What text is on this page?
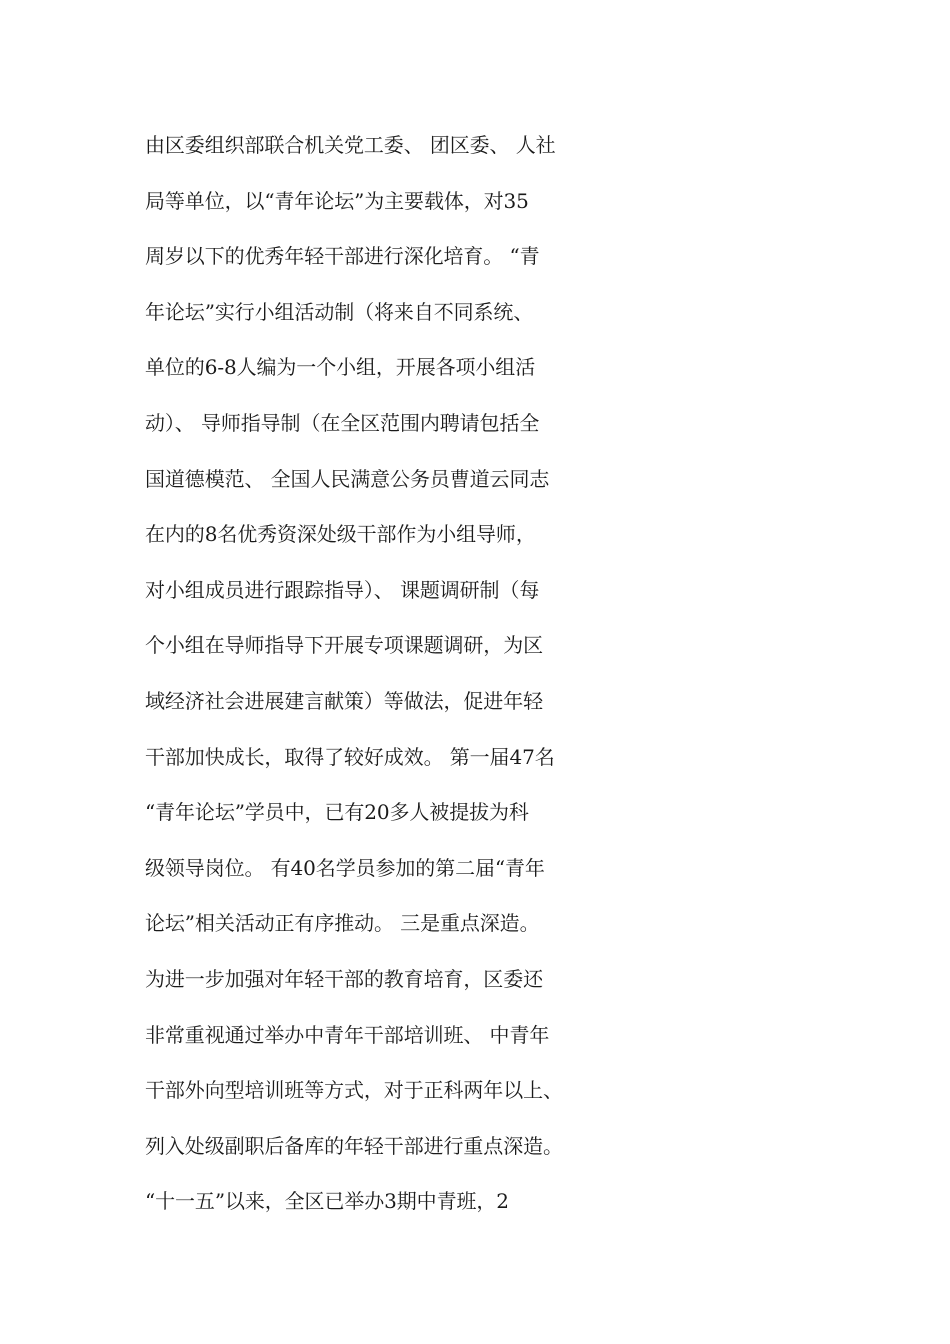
由区委组织部联合机关党工委、 团区委、 人社
局等单位，以“青年论坛”为主要载体，对35
周岁以下的优秀年轻干部进行深化培育。 “青
年论坛”实行小组活动制（将来自不同系统、
单位的6-8人编为一个小组，开展各项小组活
动）、 导师指导制（在全区范围内聘请包括全
国道德模范、 全国人民满意公务员曹道云同志
在内的8名优秀资深处级干部作为小组导师，
对小组成员进行跟踪指导）、 课题调研制（每
个小组在导师指导下开展专项课题调研，为区
域经济社会进展建言献策）等做法，促进年轻
干部加快成长，取得了较好成效。 第一届47名
“青年论坛”学员中，已有20多人被提拔为科
级领导岗位。 有40名学员参加的第二届“青年
论坛”相关活动正有序推动。 三是重点深造。
为进一步加强对年轻干部的教育培育，区委还
非常重视通过举办中青年干部培训班、 中青年
干部外向型培训班等方式，对于正科两年以上、
列入处级副职后备库的年轻干部进行重点深造。
“十一五”以来，全区已举办3期中青班，2
